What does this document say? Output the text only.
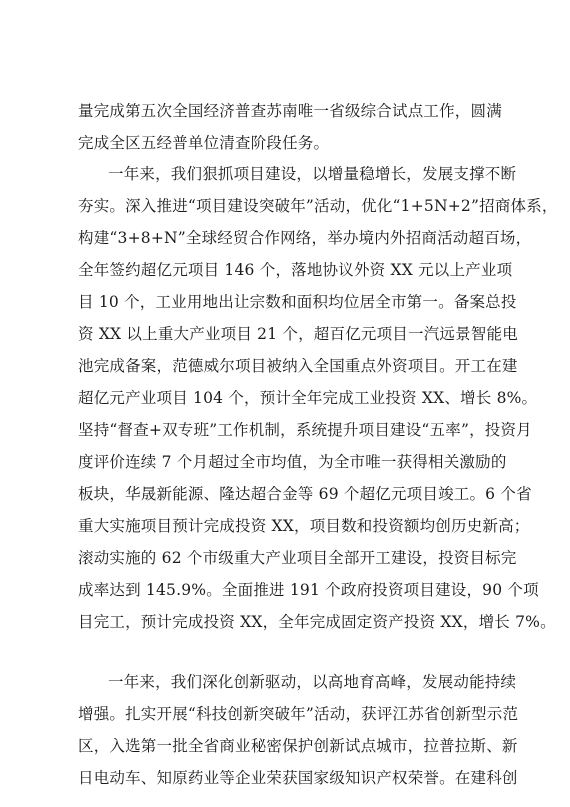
量完成第五次全国经济普查苏南唯一省级综合试点工作，圆满
完成全区五经普单位清查阶段任务。
一年来，我们狠抓项目建设，以增量稳增长，发展支撑不断
夯实。深入推进“项目建设突破年”活动，优化“1+5N+2”招商体系，
构建“3+8+N”全球经贸合作网络，举办境内外招商活动超百场，
全年签约超亿元项目 146 个，落地协议外资 XX 元以上产业项
目 10 个，工业用地出让宗数和面积均位居全市第一。备案总投
资 XX 以上重大产业项目 21 个，超百亿元项目一汽远景智能电
池完成备案，范德威尔项目被纳入全国重点外资项目。开工在建
超亿元产业项目 104 个，预计全年完成工业投资 XX、增长 8%。
坚持“督查+双专班”工作机制，系统提升项目建设“五率”，投资月
度评价连续 7 个月超过全市均值，为全市唯一获得相关激励的
板块，华晟新能源、隆达超合金等 69 个超亿元项目竣工。6 个省
重大实施项目预计完成投资 XX，项目数和投资额均创历史新高；
滚动实施的 62 个市级重大产业项目全部开工建设，投资目标完
成率达到 145.9%。全面推进 191 个政府投资项目建设，90 个项
目完工，预计完成投资 XX，全年完成固定资产投资 XX，增长 7%。
一年来，我们深化创新驱动，以高地育高峰，发展动能持续
增强。扎实开展“科技创新突破年”活动，获评江苏省创新型示范
区，入选第一批全省商业秘密保护创新试点城市，拉普拉斯、新
日电动车、知原药业等企业荣获国家级知识产权荣誉。在建科创
